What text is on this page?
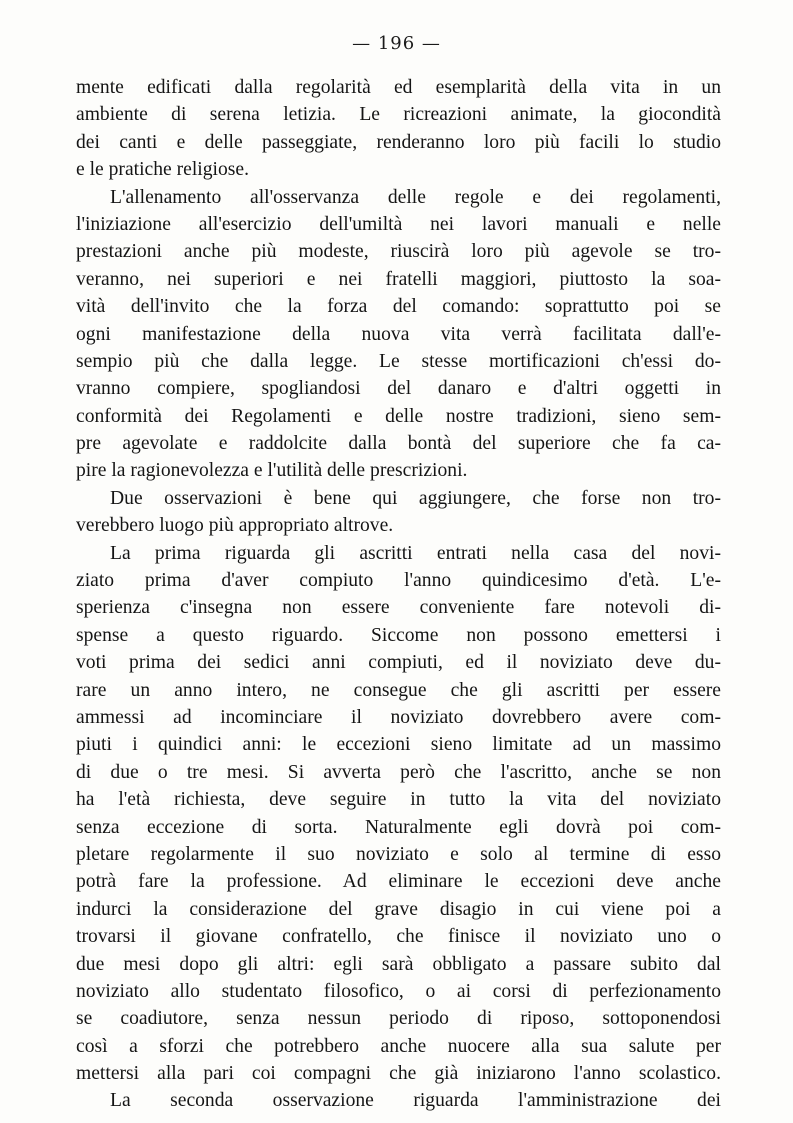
— 196 —
mente edificati dalla regolarità ed esemplarità della vita in un
ambiente di serena letizia. Le ricreazioni animate, la giocondità
dei canti e delle passeggiate, renderanno loro più facili lo studio
e le pratiche religiose.
L'allenamento all'osservanza delle regole e dei regolamenti,
l'iniziazione all'esercizio dell'umiltà nei lavori manuali e nelle
prestazioni anche più modeste, riuscirà loro più agevole se tro-
veranno, nei superiori e nei fratelli maggiori, piuttosto la soa-
vità dell'invito che la forza del comando: soprattutto poi se
ogni manifestazione della nuova vita verrà facilitata dall'e-
sempio più che dalla legge. Le stesse mortificazioni ch'essi do-
vranno compiere, spogliandosi del danaro e d'altri oggetti in
conformità dei Regolamenti e delle nostre tradizioni, sieno sem-
pre agevolate e raddolcite dalla bontà del superiore che fa ca-
pire la ragionevolezza e l'utilità delle prescrizioni.
Due osservazioni è bene qui aggiungere, che forse non tro-
verebbero luogo più appropriato altrove.
La prima riguarda gli ascritti entrati nella casa del novi-
ziato prima d'aver compiuto l'anno quindicesimo d'età. L'e-
sperienza c'insegna non essere conveniente fare notevoli di-
spense a questo riguardo. Siccome non possono emettersi i
voti prima dei sedici anni compiuti, ed il noviziato deve du-
rare un anno intero, ne consegue che gli ascritti per essere
ammessi ad incominciare il noviziato dovrebbero avere com-
piuti i quindici anni: le eccezioni sieno limitate ad un massimo
di due o tre mesi. Si avverta però che l'ascritto, anche se non
ha l'età richiesta, deve seguire in tutto la vita del noviziato
senza eccezione di sorta. Naturalmente egli dovrà poi com-
pletare regolarmente il suo noviziato e solo al termine di esso
potrà fare la professione. Ad eliminare le eccezioni deve anche
indurci la considerazione del grave disagio in cui viene poi a
trovarsi il giovane confratello, che finisce il noviziato uno o
due mesi dopo gli altri: egli sarà obbligato a passare subito dal
noviziato allo studentato filosofico, o ai corsi di perfezionamento
se coadiutore, senza nessun periodo di riposo, sottoponendosi
così a sforzi che potrebbero anche nuocere alla sua salute per
mettersi alla pari coi compagni che già iniziarono l'anno scolastico.
La seconda osservazione riguarda l'amministrazione dei
